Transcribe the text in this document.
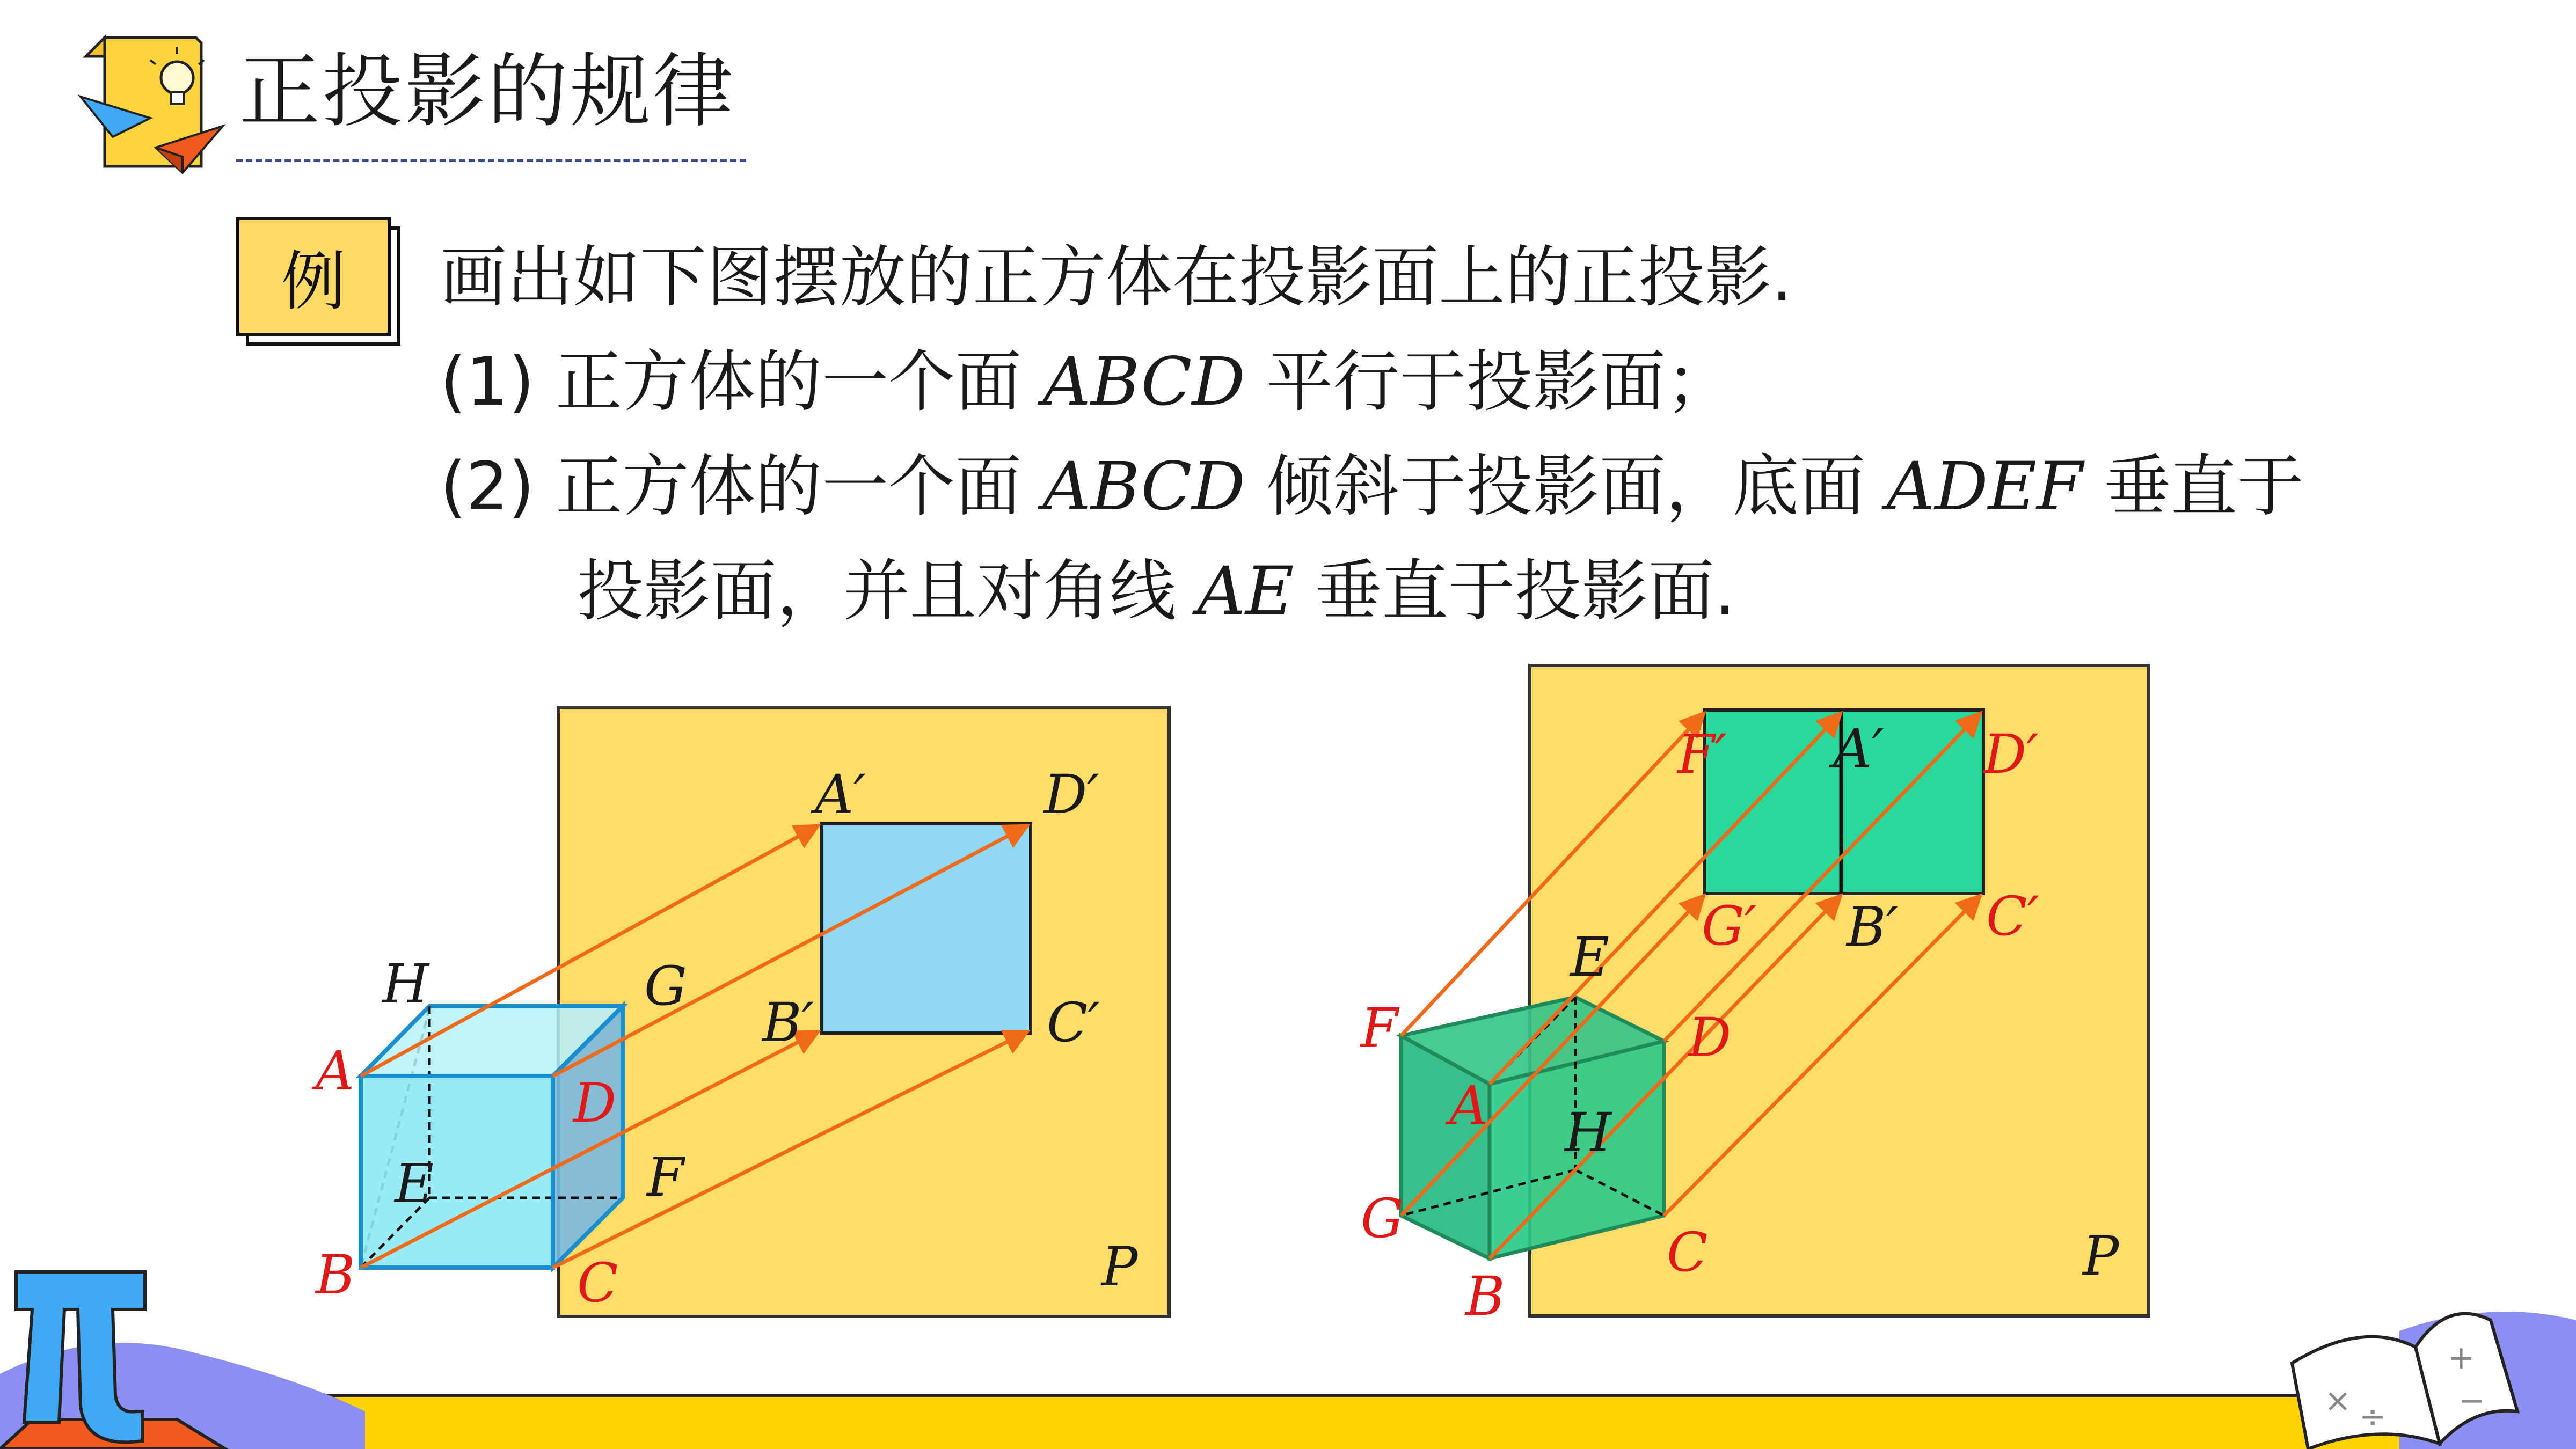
正投影的规律
例	画出如下图摆放的正方体在投影面上的正投影.
(1) 正方体的一个面 ABCD 平行于投影面；
(2) 正方体的一个面 ABCD 倾斜于投影面，底面 ADEF 垂直于
投影面，并且对角线 AE 垂直于投影面.
A
B	C
D
E	F
G
H
A′	D′
B′	C′
P
F
A
G
B
C
D
E
H
F′ A′ D′
G′ B′ C′
P
× ÷
+
−
